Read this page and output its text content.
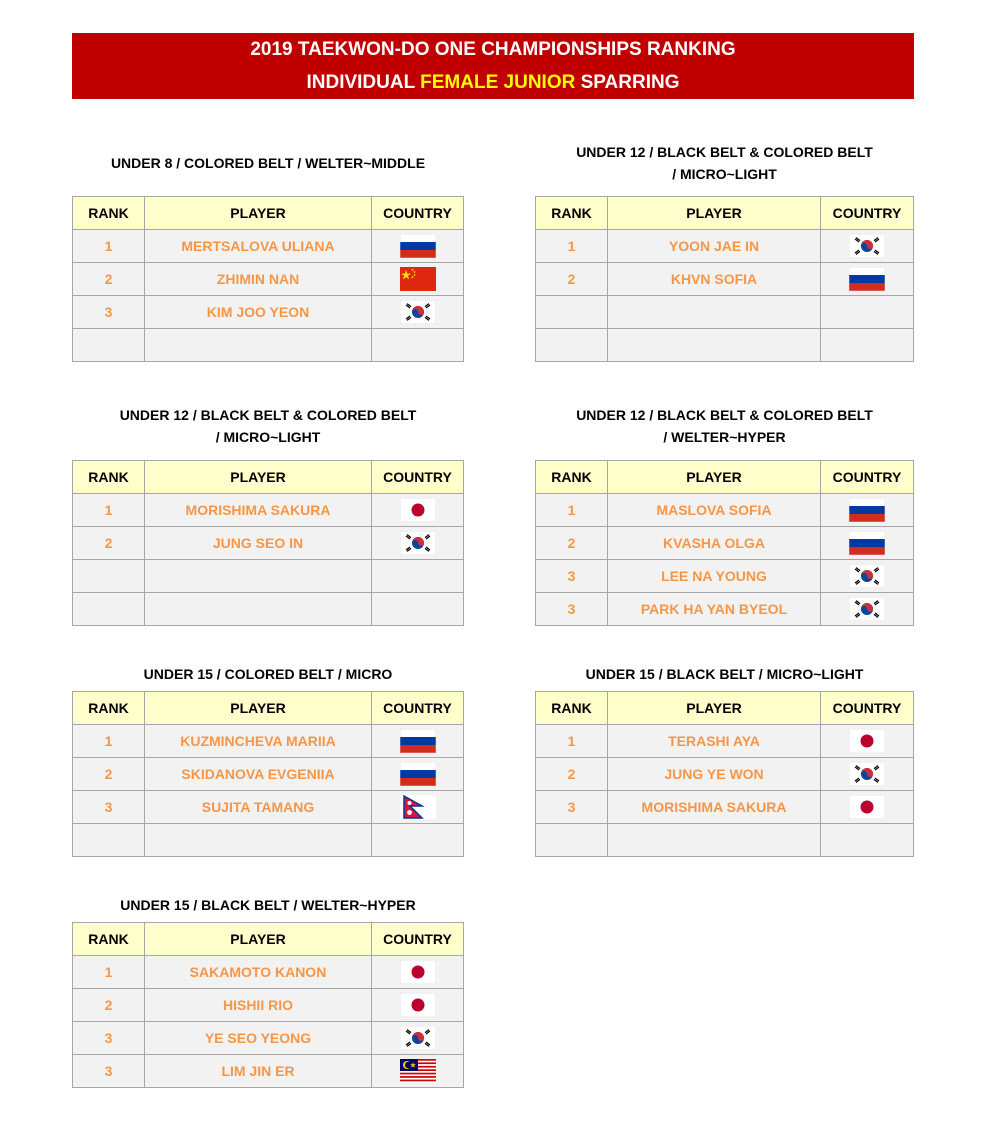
2019 TAEKWON-DO ONE CHAMPIONSHIPS RANKING
INDIVIDUAL FEMALE JUNIOR SPARRING
UNDER 8 / COLORED BELT / WELTER~MIDDLE
RANK	PLAYER	COUNTRY
1	MERTSALOVA ULIANA	

2	ZHIMIN NAN	

3	KIM JOO YEON	

UNDER 12 / BLACK BELT & COLORED BELT
/ MICRO~LIGHT
RANK	PLAYER	COUNTRY
1	YOON JAE IN	

2	KHVN SOFIA	

UNDER 12 / BLACK BELT & COLORED BELT
/ MICRO~LIGHT
RANK	PLAYER	COUNTRY
1	MORISHIMA SAKURA	

2	JUNG SEO IN	

UNDER 12 / BLACK BELT & COLORED BELT
/ WELTER~HYPER
RANK	PLAYER	COUNTRY
1	MASLOVA SOFIA	

2	KVASHA OLGA	

3	LEE NA YOUNG	

3	PARK HA YAN BYEOL	
UNDER 15 / COLORED BELT / MICRO
RANK	PLAYER	COUNTRY
1	KUZMINCHEVA MARIIA	

2	SKIDANOVA EVGENIIA	

3	SUJITA TAMANG	

UNDER 15 / BLACK BELT / MICRO~LIGHT
RANK	PLAYER	COUNTRY
1	TERASHI AYA	

2	JUNG YE WON	

3	MORISHIMA SAKURA	

UNDER 15 / BLACK BELT / WELTER~HYPER
RANK	PLAYER	COUNTRY
1	SAKAMOTO KANON	

2	HISHII RIO	

3	YE SEO YEONG	

3	LIM JIN ER	
